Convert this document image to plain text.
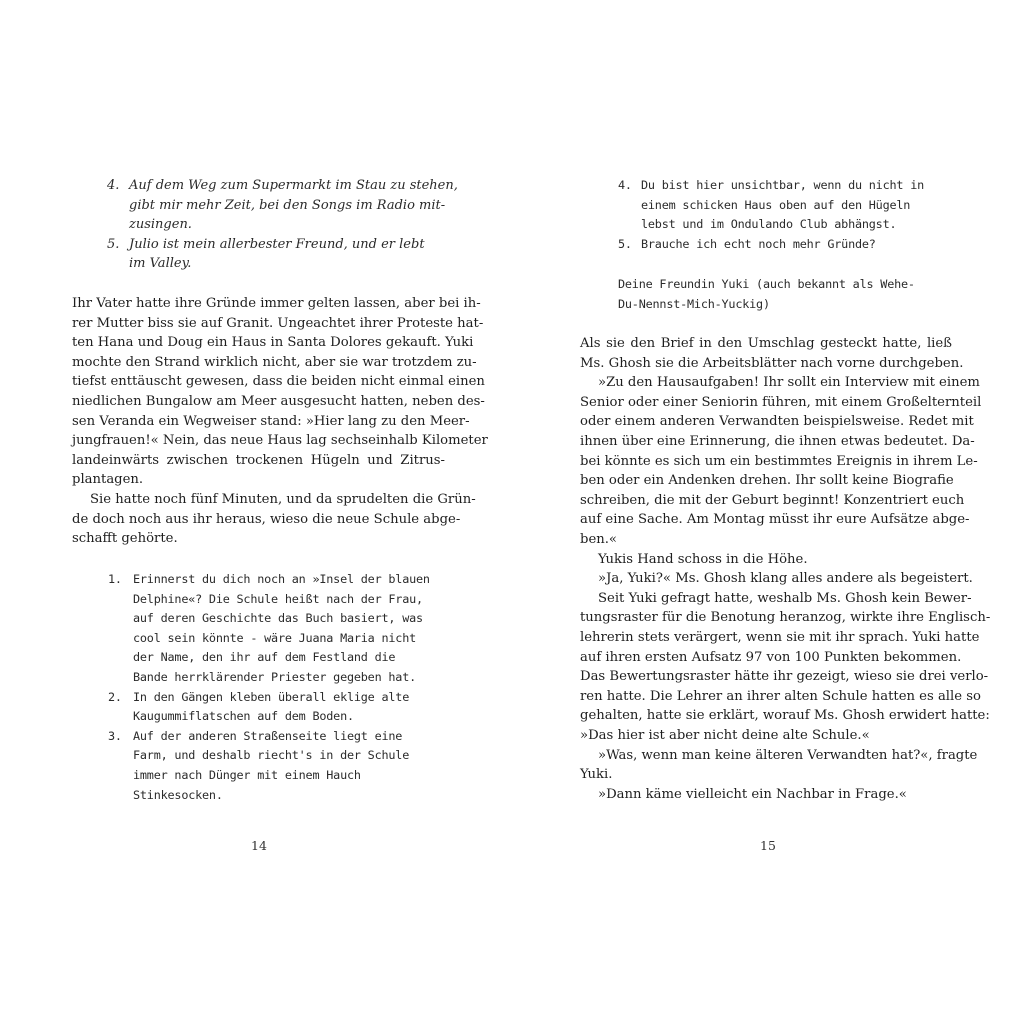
4. Auf dem Weg zum Supermarkt im Stau zu stehen,
gibt mir mehr Zeit, bei den Songs im Radio mit-
zusingen.
5. Julio ist mein allerbester Freund, und er lebt
im Valley.
Ihr Vater hatte ihre Gründe immer gelten lassen, aber bei ih-
rer Mutter biss sie auf Granit. Ungeachtet ihrer Proteste hat-
ten Hana und Doug ein Haus in Santa Dolores gekauft. Yuki
mochte den Strand wirklich nicht, aber sie war trotzdem zu-
tiefst enttäuscht gewesen, dass die beiden nicht einmal einen
niedlichen Bungalow am Meer ausgesucht hatten, neben des-
sen Veranda ein Wegweiser stand: »Hier lang zu den Meer-
jungfrauen!« Nein, das neue Haus lag sechseinhalb Kilometer
landeinwärts zwischen trockenen Hügeln und Zitrus-
plantagen.
Sie hatte noch fünf Minuten, und da sprudelten die Grün-
de doch noch aus ihr heraus, wieso die neue Schule abge-
schafft gehörte.
1. Erinnerst du dich noch an »Insel der blauen
Delphine«? Die Schule heißt nach der Frau,
auf deren Geschichte das Buch basiert, was
cool sein könnte - wäre Juana Maria nicht
der Name, den ihr auf dem Festland die
Bande herrklärender Priester gegeben hat.
2. In den Gängen kleben überall eklige alte
Kaugummiflatschen auf dem Boden.
3. Auf der anderen Straßenseite liegt eine
Farm, und deshalb riecht's in der Schule
immer nach Dünger mit einem Hauch
Stinkesocken.
14
4. Du bist hier unsichtbar, wenn du nicht in
einem schicken Haus oben auf den Hügeln
lebst und im Ondulando Club abhängst.
5. Brauche ich echt noch mehr Gründe?
Deine Freundin Yuki (auch bekannt als Wehe-
Du-Nennst-Mich-Yuckig)
Als sie den Brief in den Umschlag gesteckt hatte, ließ
Ms. Ghosh sie die Arbeitsblätter nach vorne durchgeben.
»Zu den Hausaufgaben! Ihr sollt ein Interview mit einem
Senior oder einer Seniorin führen, mit einem Großelternteil
oder einem anderen Verwandten beispielsweise. Redet mit
ihnen über eine Erinnerung, die ihnen etwas bedeutet. Da-
bei könnte es sich um ein bestimmtes Ereignis in ihrem Le-
ben oder ein Andenken drehen. Ihr sollt keine Biografie
schreiben, die mit der Geburt beginnt! Konzentriert euch
auf eine Sache. Am Montag müsst ihr eure Aufsätze abge-
ben.«
Yukis Hand schoss in die Höhe.
»Ja, Yuki?« Ms. Ghosh klang alles andere als begeistert.
Seit Yuki gefragt hatte, weshalb Ms. Ghosh kein Bewer-
tungsraster für die Benotung heranzog, wirkte ihre Englisch-
lehrerin stets verärgert, wenn sie mit ihr sprach. Yuki hatte
auf ihren ersten Aufsatz 97 von 100 Punkten bekommen.
Das Bewertungsraster hätte ihr gezeigt, wieso sie drei verlo-
ren hatte. Die Lehrer an ihrer alten Schule hatten es alle so
gehalten, hatte sie erklärt, worauf Ms. Ghosh erwidert hatte:
»Das hier ist aber nicht deine alte Schule.«
»Was, wenn man keine älteren Verwandten hat?«, fragte
Yuki.
»Dann käme vielleicht ein Nachbar in Frage.«
15
